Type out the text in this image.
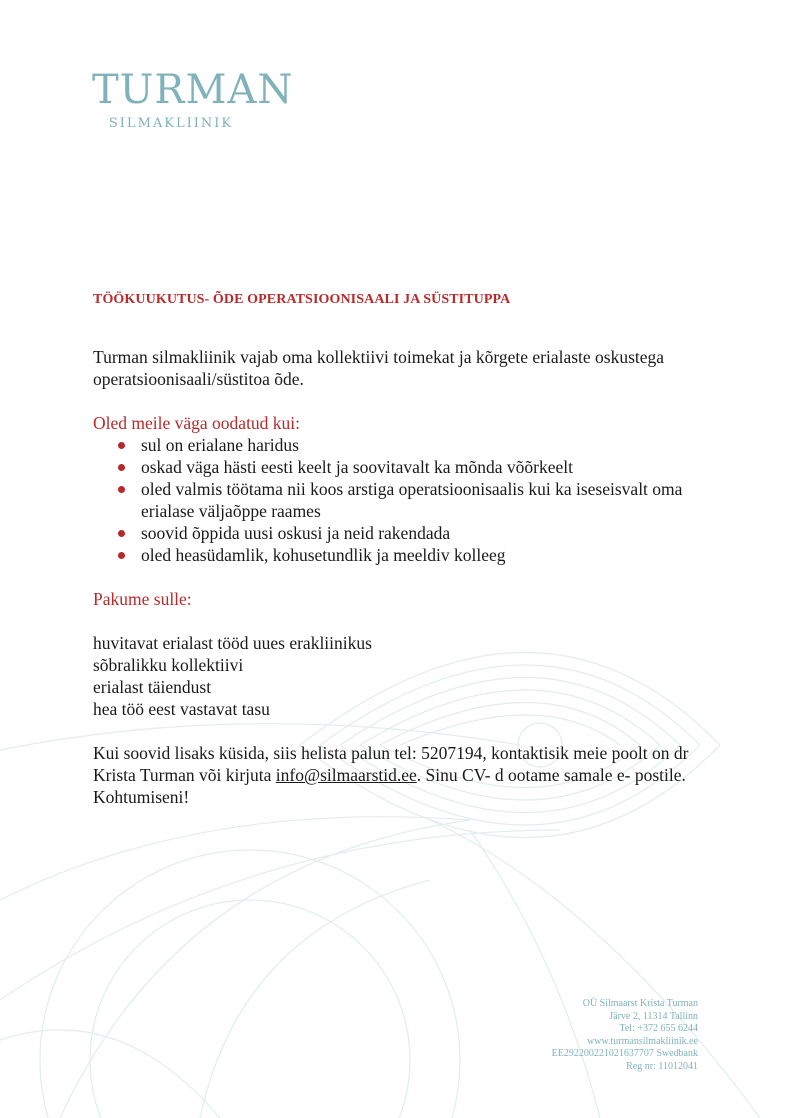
TURMAN
SILMAKLIINIK

TÖÖKUUKUTUS- ÕDE OPERATSIOONISAALI JA SÜSTITUPPA

Turman silmakliinik vajab oma kollektiivi toimekat ja kõrgete erialaste oskustega operatsioonisaali/süstitoa õde.

Oled meile väga oodatud kui:

sul on erialane haridus
oskad väga hästi eesti keelt ja soovitavalt ka mõnda võõrkeelt
oled valmis töötama nii koos arstiga operatsioonisaalis kui ka iseseisvalt oma erialase väljaõppe raames
soovid õppida uusi oskusi ja neid rakendada
oled heasüdamlik, kohusetundlik ja meeldiv kolleeg

Pakume sulle:

huvitavat erialast tööd uues erakliinikus
sõbralikku kollektiivi
erialast täiendust
hea töö eest vastavat tasu

Kui soovid lisaks küsida, siis helista palun tel: 5207194, kontaktisik meie poolt on dr Krista Turman või kirjuta info@silmaarstid.ee. Sinu CV- d ootame samale e- postile.
Kohtumiseni!

OÜ Silmaarst Krista Turman
Järve 2, 11314 Tallinn
Tel: +372 655 6244
www.turmansilmakliinik.ee
EE292200221021637707 Swedbank
Reg nr: 11012041
